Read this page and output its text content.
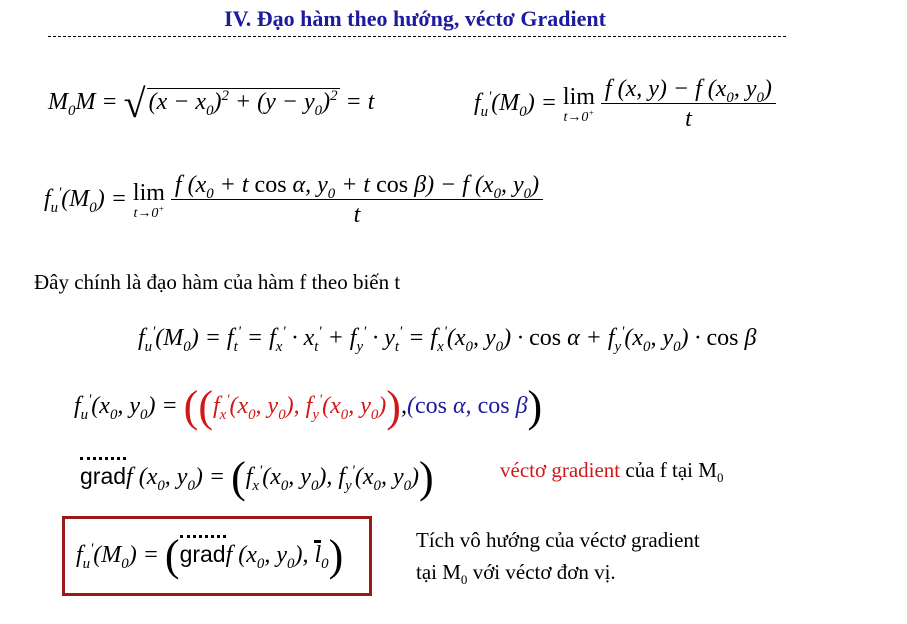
IV. Đạo hàm theo hướng, véctơ Gradient
$M_0M$ = √ $(x - x_0)^2 + (y - y_0)^2 = t$	$f_u'(M_0) = \lim$
t→0+
$\frac{f (x, y) - f (x_0, y_0)}{t}$
$f_u'(M_0) = \lim$
t→0+
$\frac{f (x_0 + t \cos \alpha, y_0 + t \cos \beta) - f (x_0, y_0)}{t}$
Đây chính là đạo hàm của hàm f theo biến t
$f_u'(M_0) = f_t' = f_x' \cdot x_t' + f_y' \cdot y_t' = f_x'(x_0$, $y_0) \cdot \cos \alpha + f_y'(x_0$, $y_0) \cdot \cos \beta$
$f_u'(x_0$, $y_0) = ((f_x'(x_0$, $y_0$), $f_y'(x_0$, $y_0)),(\cos$ α, cos β)
gradf ($x_0$, $y_0) = (f_x'(x_0$, $y_0$), $f_y'(x_0$, $y_0$))	véctơ gradient của f tại $M_0$
$f_u'(M_0)$ = (gradf ($x_0$, $y_0$), $l_0$)	Tích vô hướng của véctơ gradient
tại $M_0$ với véctơ đơn vị.
